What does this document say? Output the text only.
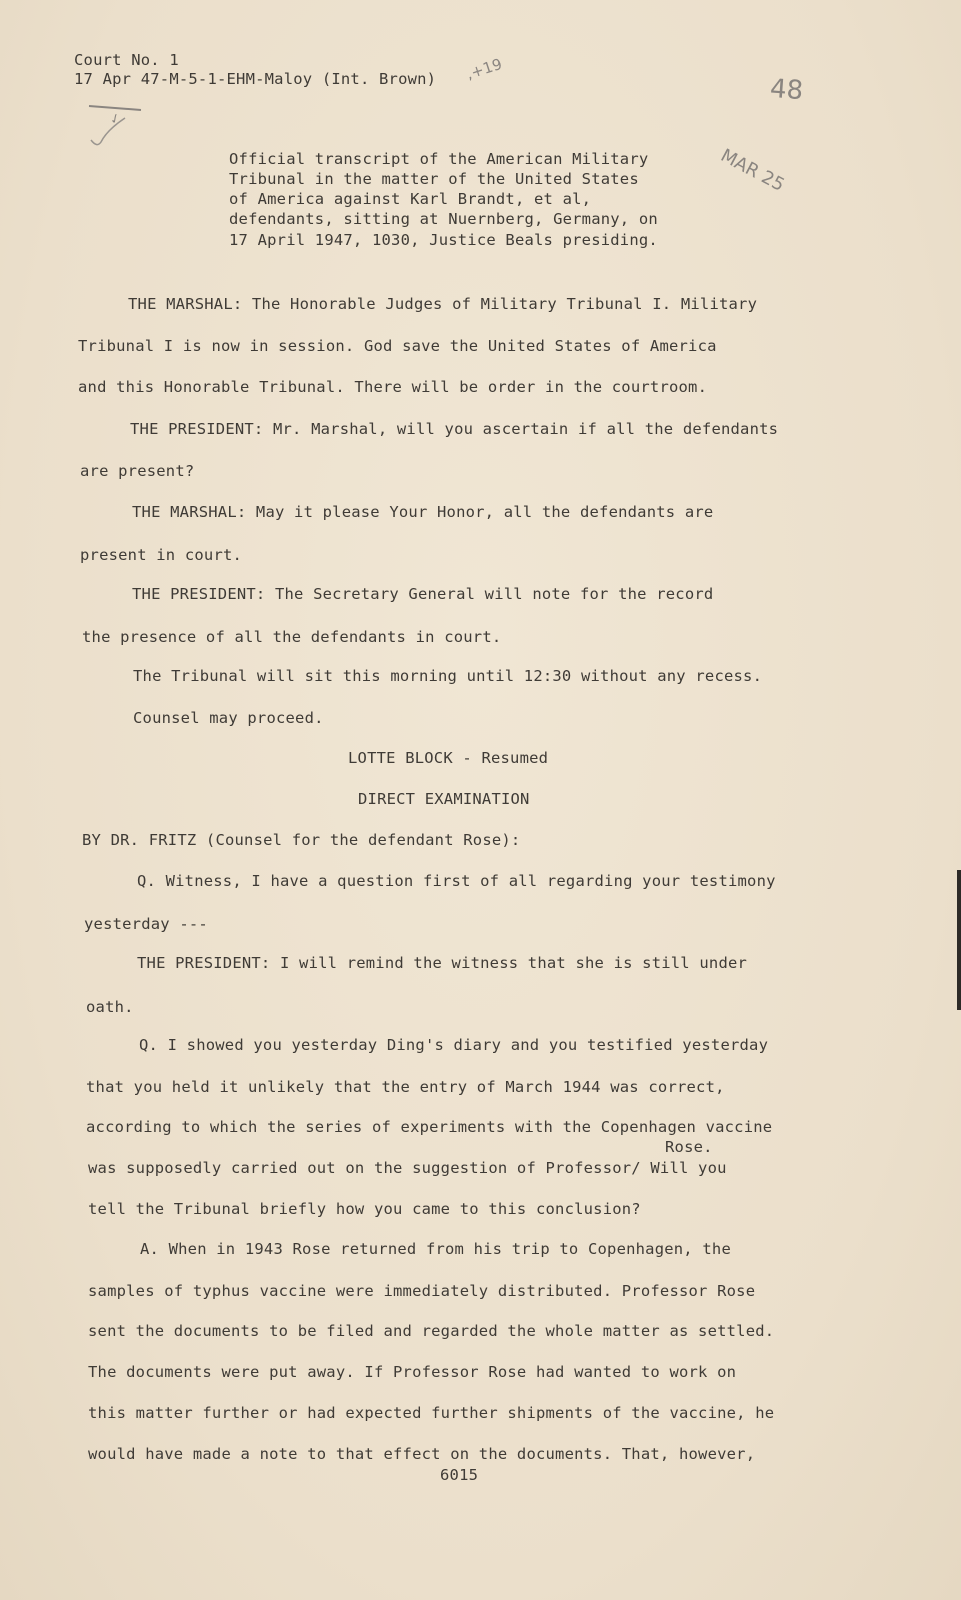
Court No. 1
17 Apr 47-M-5-1-EHM-Maloy (Int. Brown) ,+19
48
✓
MAR 25
Official transcript of the American Military
Tribunal in the matter of the United States
of America against Karl Brandt, et al,
defendants, sitting at Nuernberg, Germany, on
17 April 1947, 1030, Justice Beals presiding.
THE MARSHAL: The Honorable Judges of Military Tribunal I. Military
Tribunal I is now in session. God save the United States of America
and this Honorable Tribunal. There will be order in the courtroom.
THE PRESIDENT: Mr. Marshal, will you ascertain if all the defendants
are present?
THE MARSHAL: May it please Your Honor, all the defendants are
present in court.
THE PRESIDENT: The Secretary General will note for the record
the presence of all the defendants in court.
The Tribunal will sit this morning until 12:30 without any recess.
Counsel may proceed.
LOTTE BLOCK - Resumed
DIRECT EXAMINATION
BY DR. FRITZ (Counsel for the defendant Rose):
Q. Witness, I have a question first of all regarding your testimony
yesterday ---
THE PRESIDENT: I will remind the witness that she is still under
oath.
Q. I showed you yesterday Ding's diary and you testified yesterday
that you held it unlikely that the entry of March 1944 was correct,
according to which the series of experiments with the Copenhagen vaccine
Rose.
was supposedly carried out on the suggestion of Professor/ Will you
tell the Tribunal briefly how you came to this conclusion?
A. When in 1943 Rose returned from his trip to Copenhagen, the
samples of typhus vaccine were immediately distributed. Professor Rose
sent the documents to be filed and regarded the whole matter as settled.
The documents were put away. If Professor Rose had wanted to work on
this matter further or had expected further shipments of the vaccine, he
would have made a note to that effect on the documents. That, however,
6015
